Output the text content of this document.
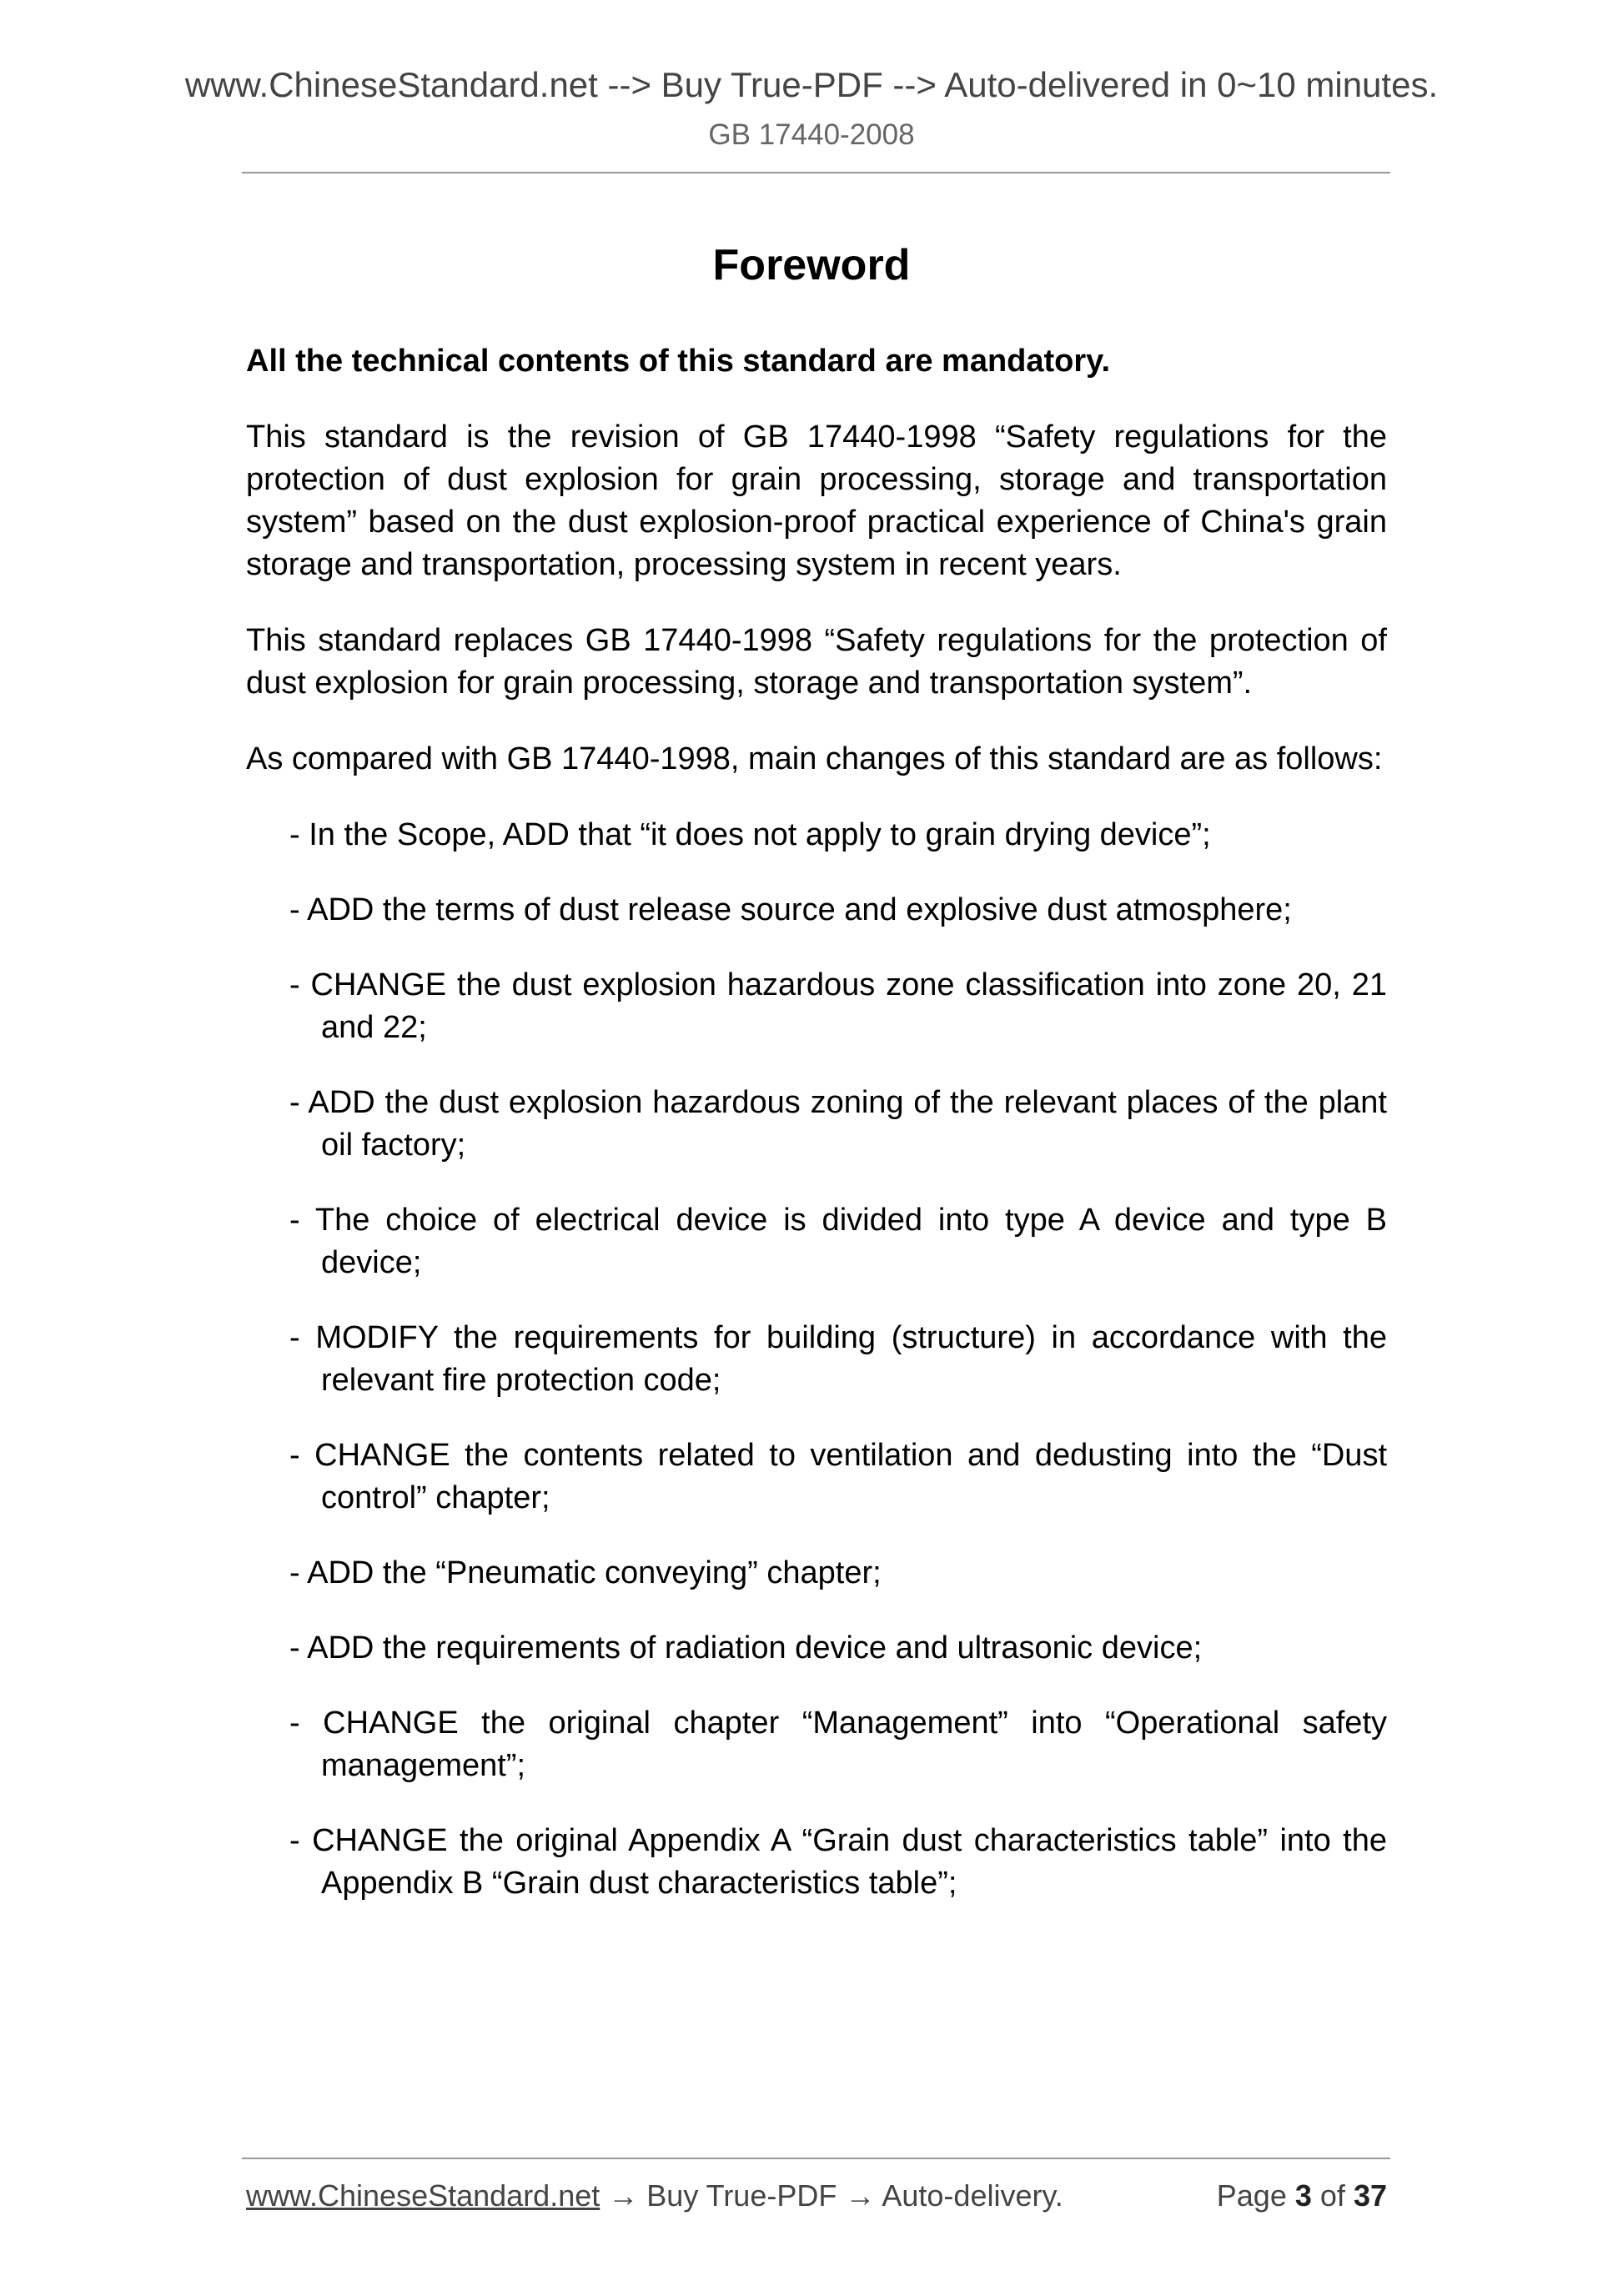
www.ChineseStandard.net --> Buy True-PDF --> Auto-delivered in 0~10 minutes.
GB 17440-2008
Foreword

All the technical contents of this standard are mandatory.

This standard is the revision of GB 17440-1998 “Safety regulations for the protection of dust explosion for grain processing, storage and transportation system” based on the dust explosion-proof practical experience of China's grain storage and transportation, processing system in recent years.

This standard replaces GB 17440-1998 “Safety regulations for the protection of dust explosion for grain processing, storage and transportation system”.

As compared with GB 17440-1998, main changes of this standard are as follows:

- In the Scope, ADD that “it does not apply to grain drying device”;
- ADD the terms of dust release source and explosive dust atmosphere;
- CHANGE the dust explosion hazardous zone classification into zone 20, 21 and 22;
- ADD the dust explosion hazardous zoning of the relevant places of the plant oil factory;
- The choice of electrical device is divided into type A device and type B device;
- MODIFY the requirements for building (structure) in accordance with the relevant fire protection code;
- CHANGE the contents related to ventilation and dedusting into the “Dust control” chapter;
- ADD the “Pneumatic conveying” chapter;
- ADD the requirements of radiation device and ultrasonic device;
- CHANGE the original chapter “Management” into “Operational safety management”;
- CHANGE the original Appendix A “Grain dust characteristics table” into the Appendix B “Grain dust characteristics table”;
www.ChineseStandard.net → Buy True-PDF → Auto-delivery.	Page 3 of 37
